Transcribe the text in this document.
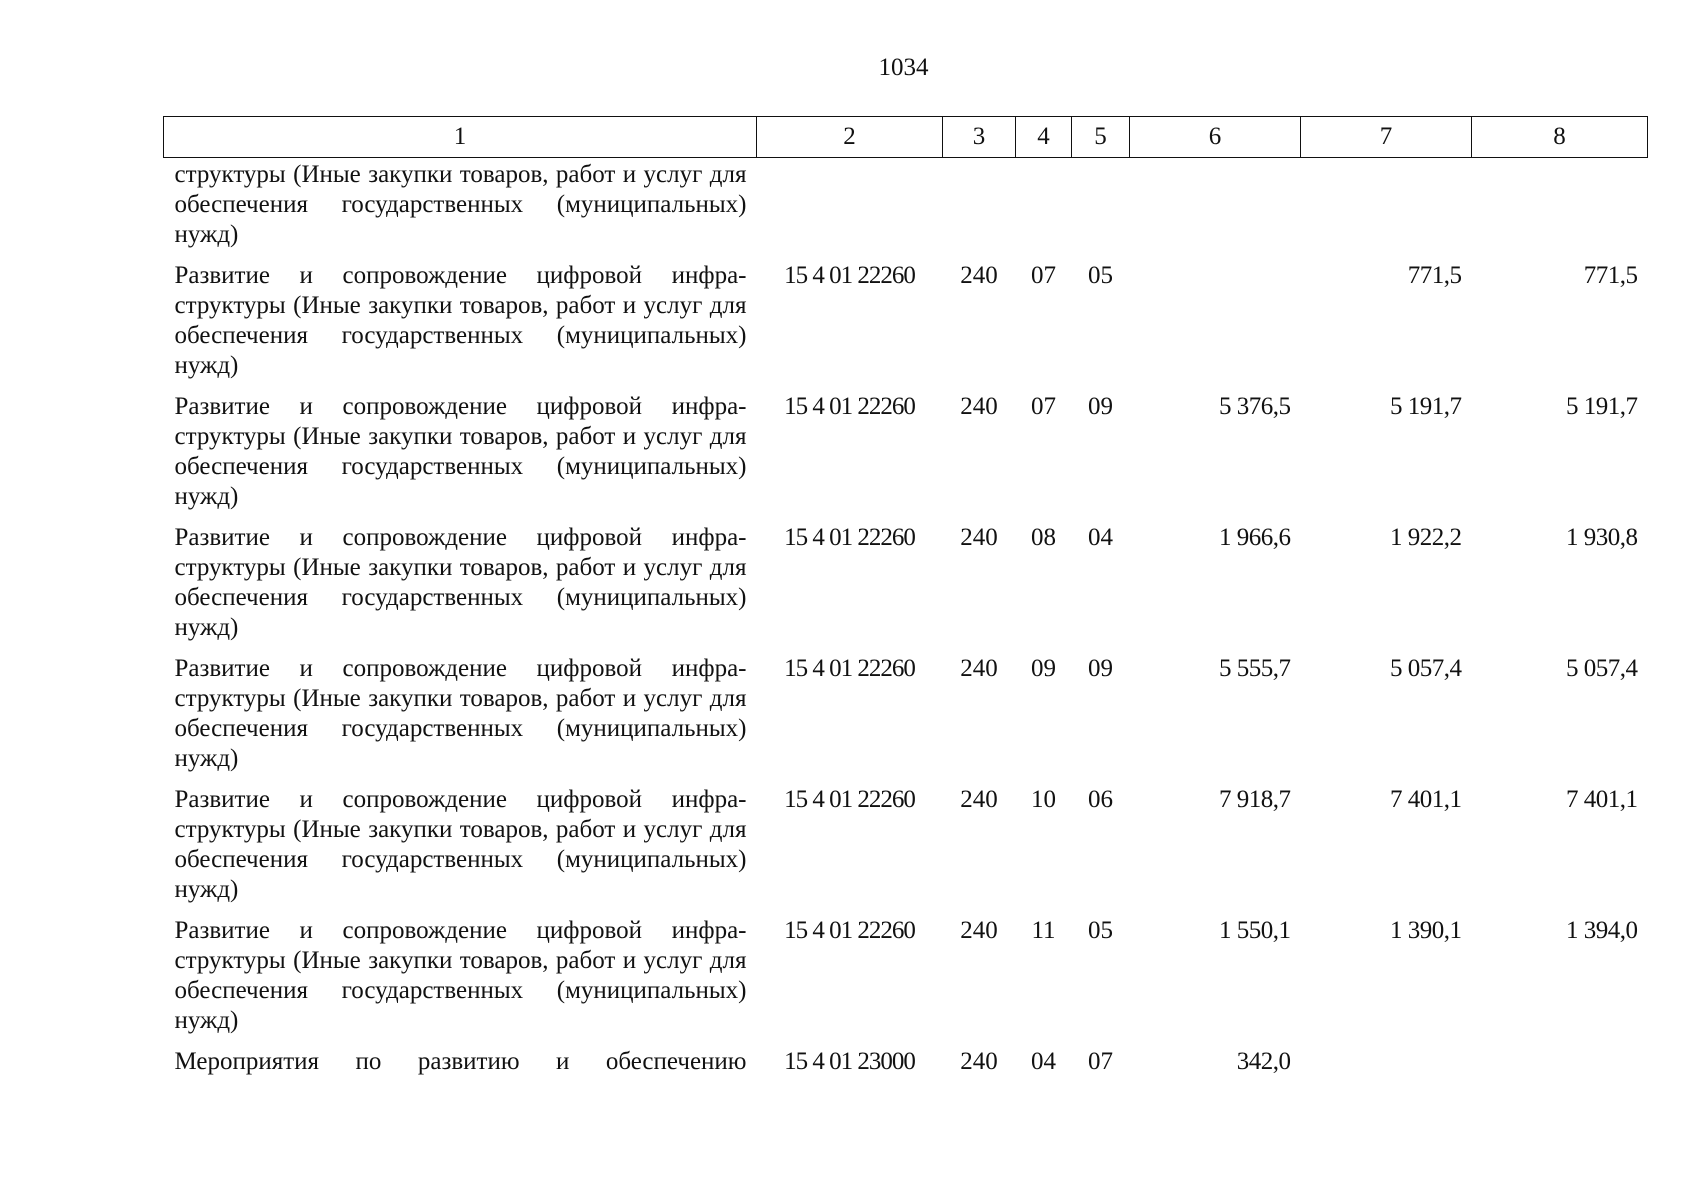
1034
1	2	3	4	5	6	7	8
структуры (Иные закупки товаров, работ и услуг для обеспечения государственных (муниципальных) нужд)							
Развитие и сопровождение цифровой инфраструктуры (Иные закупки товаров, работ и услуг для обеспечения государственных (муниципальных) нужд)	15 4 01 22260	240	07	05		771,5	771,5
Развитие и сопровождение цифровой инфраструктуры (Иные закупки товаров, работ и услуг для обеспечения государственных (муниципальных) нужд)	15 4 01 22260	240	07	09	5 376,5	5 191,7	5 191,7
Развитие и сопровождение цифровой инфраструктуры (Иные закупки товаров, работ и услуг для обеспечения государственных (муниципальных) нужд)	15 4 01 22260	240	08	04	1 966,6	1 922,2	1 930,8
Развитие и сопровождение цифровой инфраструктуры (Иные закупки товаров, работ и услуг для обеспечения государственных (муниципальных) нужд)	15 4 01 22260	240	09	09	5 555,7	5 057,4	5 057,4
Развитие и сопровождение цифровой инфраструктуры (Иные закупки товаров, работ и услуг для обеспечения государственных (муниципальных) нужд)	15 4 01 22260	240	10	06	7 918,7	7 401,1	7 401,1
Развитие и сопровождение цифровой инфраструктуры (Иные закупки товаров, работ и услуг для обеспечения государственных (муниципальных) нужд)	15 4 01 22260	240	11	05	1 550,1	1 390,1	1 394,0
Мероприятия по развитию и обеспечению	15 4 01 23000	240	04	07	342,0		
